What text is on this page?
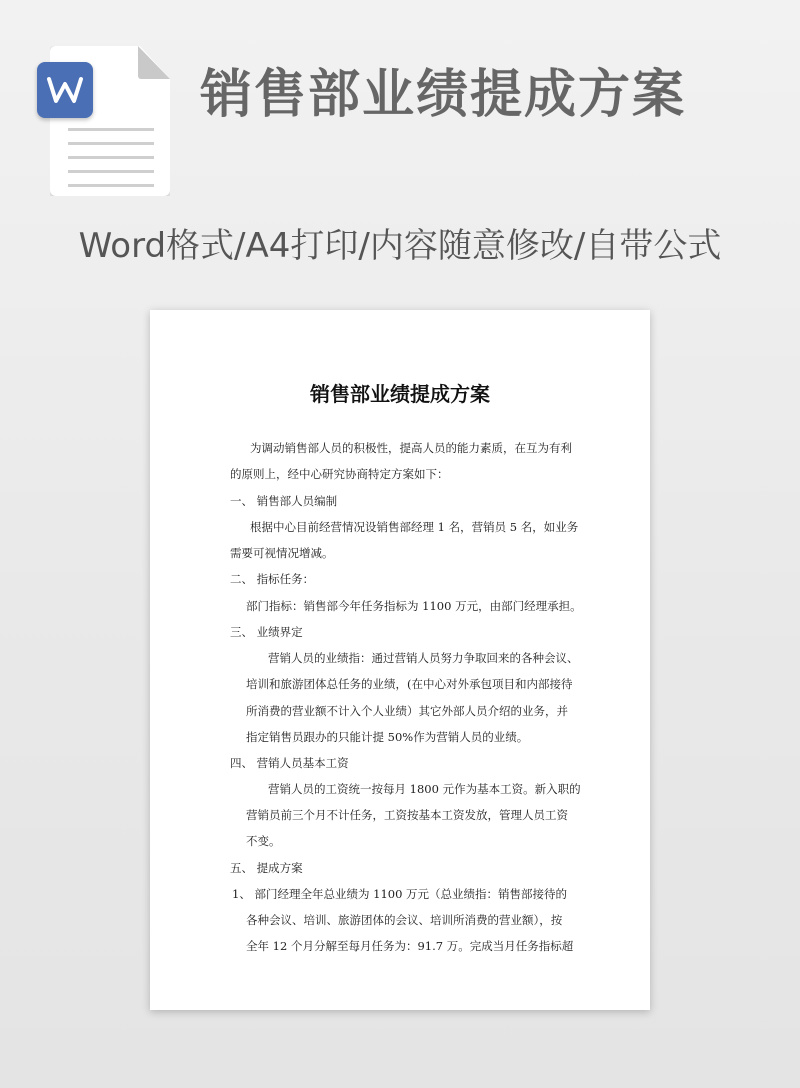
销售部业绩提成方案
Word格式/A4打印/内容随意修改/自带公式
销售部业绩提成方案
为调动销售部人员的积极性，提高人员的能力素质，在互为有利
的原则上，经中心研究协商特定方案如下：
一、 销售部人员编制
根据中心目前经营情况设销售部经理 1 名，营销员 5 名，如业务
需要可视情况增减。
二、 指标任务：
部门指标：销售部今年任务指标为 1100 万元，由部门经理承担。
三、 业绩界定
营销人员的业绩指：通过营销人员努力争取回来的各种会议、
培训和旅游团体总任务的业绩，(在中心对外承包项目和内部接待
所消费的营业额不计入个人业绩）其它外部人员介绍的业务，并
指定销售员跟办的只能计提 50%作为营销人员的业绩。
四、 营销人员基本工资
营销人员的工资统一按每月 1800 元作为基本工资。新入职的
营销员前三个月不计任务，工资按基本工资发放，管理人员工资
不变。
五、 提成方案
1、 部门经理全年总业绩为 1100 万元（总业绩指：销售部接待的
各种会议、培训、旅游团体的会议、培训所消费的营业额），按
全年 12 个月分解至每月任务为：91.7 万。完成当月任务指标超
